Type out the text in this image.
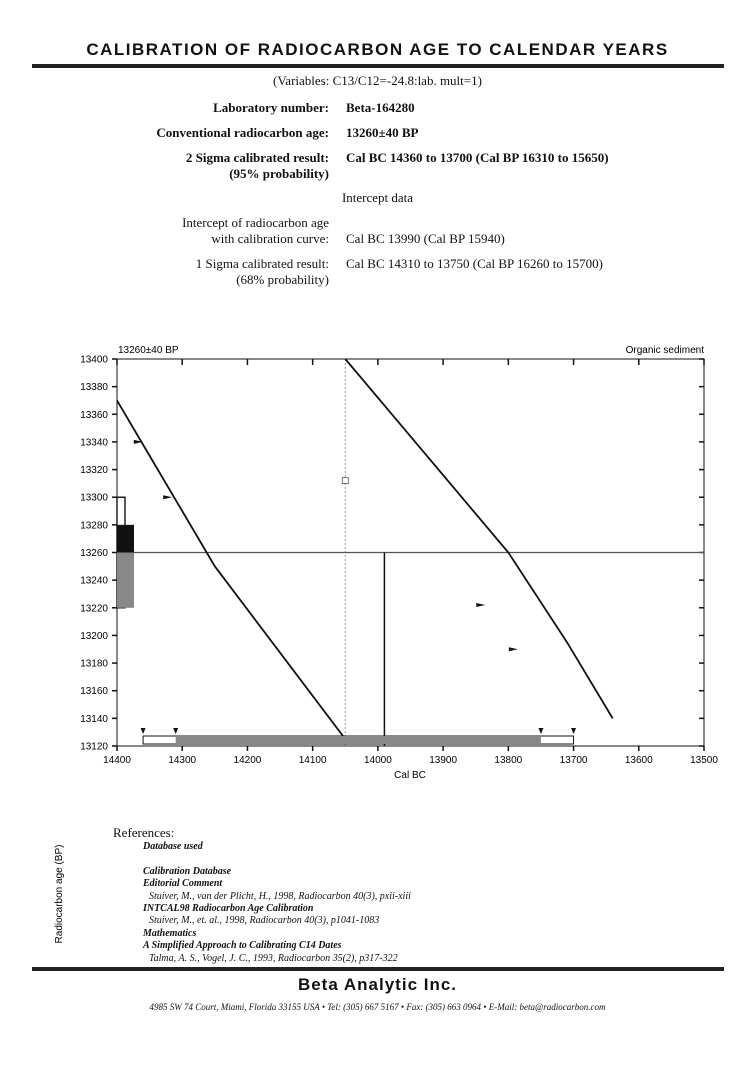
CALIBRATION OF RADIOCARBON AGE TO CALENDAR YEARS
(Variables: C13/C12=-24.8:lab. mult=1)
Laboratory number: Beta-164280
Conventional radiocarbon age: 13260±40 BP
2 Sigma calibrated result:
(95% probability)
Cal BC 14360 to 13700 (Cal BP 16310 to 15650)
Intercept data
Intercept of radiocarbon age
with calibration curve: Cal BC 13990 (Cal BP 15940)
1 Sigma calibrated result:
(68% probability)
Cal BC 14310 to 13750 (Cal BP 16260 to 15700)
13260±40 BP	Organic sediment
Cal BC
Radiocarbon age (BP)
13120
13140
13160
13180
13200
13220
13240
13260
13280
13300
13320
13340
13360
13380
13400
14400	14300	14200	14100	14000	13900	13800	13700	13600	13500
References:
Database used
Calibration Database
Editorial Comment
Stuiver, M., van der Plicht, H., 1998, Radiocarbon 40(3), pxii-xiii
INTCAL98 Radiocarbon Age Calibration
Stuiver, M., et. al., 1998, Radiocarbon 40(3), p1041-1083
Mathematics
A Simplified Approach to Calibrating C14 Dates
Talma, A. S., Vogel, J. C., 1993, Radiocarbon 35(2), p317-322
Beta Analytic Inc.
4985 SW 74 Court, Miami, Florida 33155 USA • Tel: (305) 667 5167 • Fax: (305) 663 0964 • E-Mail: beta@radiocarbon.com
